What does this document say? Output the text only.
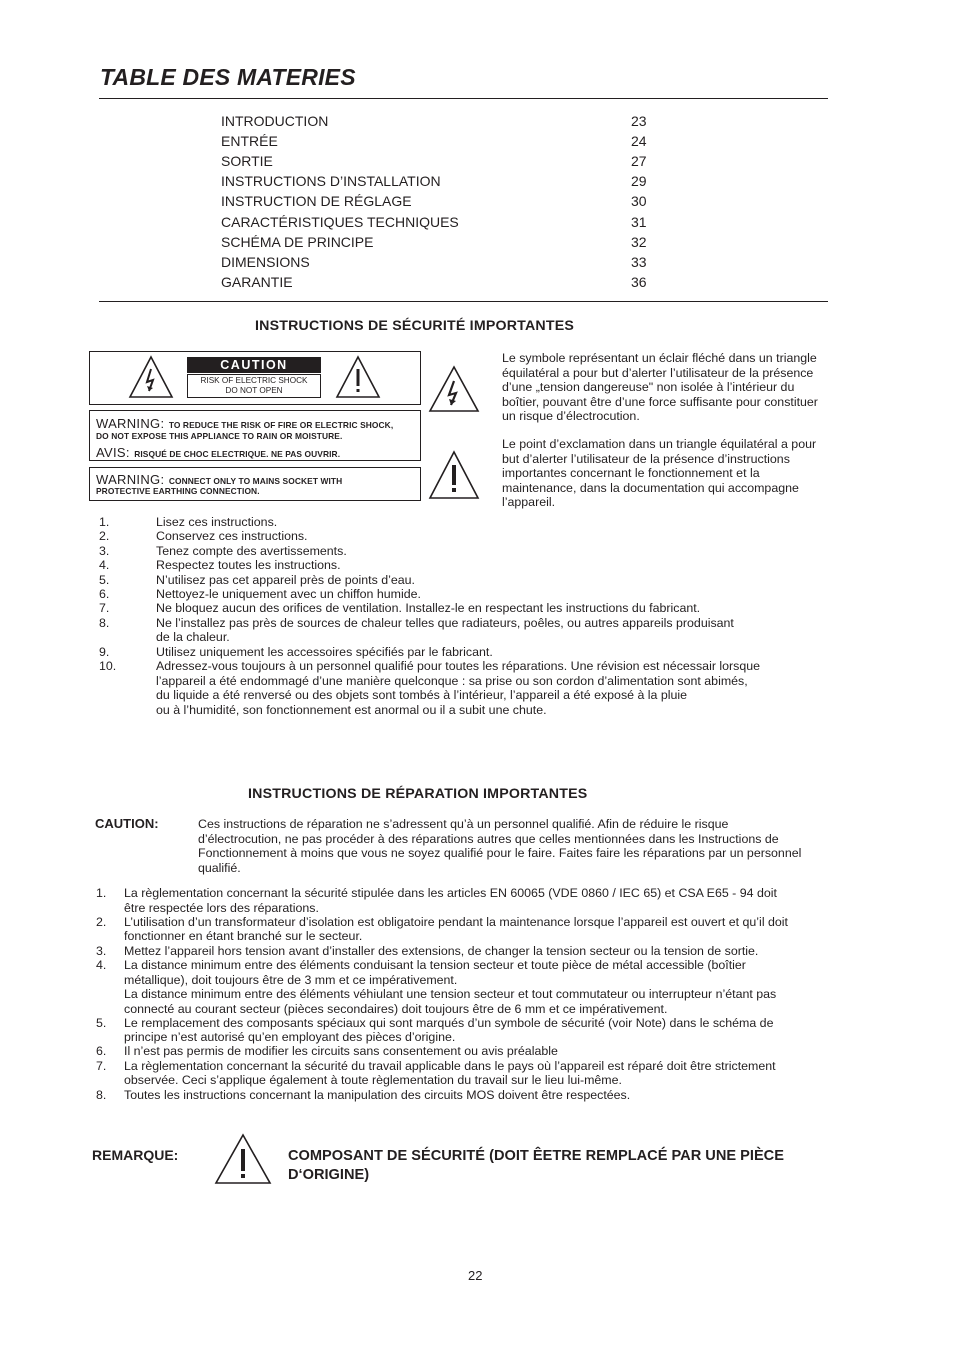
TABLE DES MATERIES
INTRODUCTION	23
ENTRÉE	24
SORTIE	27
INSTRUCTIONS D’INSTALLATION	29
INSTRUCTION DE RÉGLAGE	30
CARACTÉRISTIQUES TECHNIQUES	31
SCHÉMA DE PRINCIPE	32
DIMENSIONS	33
GARANTIE	36
INSTRUCTIONS DE SÉCURITÉ IMPORTANTES
CAUTION
RISK OF ELECTRIC SHOCK
DO NOT OPEN
WARNING: TO REDUCE THE RISK OF FIRE OR ELECTRIC SHOCK,
DO NOT EXPOSE THIS APPLIANCE TO RAIN OR MOISTURE.
AVIS: RISQUÉ DE CHOC ELECTRIQUE. NE PAS OUVRIR.
WARNING: CONNECT ONLY TO MAINS SOCKET WITH
PROTECTIVE EARTHING CONNECTION.
Le symbole représentant un éclair fléché dans un triangle
équilatéral a pour but d’alerter l’utilisateur de la présence
d’une „tension dangereuse" non isolée à l’intérieur du
boîtier, pouvant être d’une force suffisante pour constituer
un risque d’électrocution.
Le point d’exclamation dans un triangle équilatéral a pour
but d’alerter l’utilisateur de la présence d’instructions
importantes concernant le fonctionnement et la
maintenance, dans la documentation qui accompagne
l’appareil.
1.	Lisez ces instructions.
2.	Conservez ces instructions.
3.	Tenez compte des avertissements.
4.	Respectez toutes les instructions.
5.	N’utilisez pas cet appareil près de points d’eau.
6.	Nettoyez-le uniquement avec un chiffon humide.
7.	Ne bloquez aucun des orifices de ventilation. Installez-le en respectant les instructions du fabricant.
8.	Ne l’installez pas près de sources de chaleur telles que radiateurs, poêles, ou autres appareils produisant
de la chaleur.
9.	Utilisez uniquement les accessoires spécifiés par le fabricant.
10.	Adressez-vous toujours à un personnel qualifié pour toutes les réparations. Une révision est nécessair lorsque
l’appareil a été endommagé d’une manière quelconque : sa prise ou son cordon d’alimentation sont abimés,
du liquide a été renversé ou des objets sont tombés à l’intérieur, l’appareil a été exposé à la pluie
ou à l’humidité, son fonctionnement est anormal ou il a subit une chute.
INSTRUCTIONS DE RÉPARATION IMPORTANTES
CAUTION:	Ces instructions de réparation ne s’adressent qu’à un personnel qualifié. Afin de réduire le risque
d’électrocution, ne pas procéder à des réparations autres que celles mentionnées dans les Instructions de
Fonctionnement à moins que vous ne soyez qualifié pour le faire. Faites faire les réparations par un personnel
qualifié.
1. La règlementation concernant la sécurité stipulée dans les articles EN 60065 (VDE 0860 / IEC 65) et CSA E65 - 94 doit
être respectée lors des réparations.
2. L’utilisation d’un transformateur d’isolation est obligatoire pendant la maintenance lorsque l’appareil est ouvert et qu’il doit
fonctionner en étant branché sur le secteur.
3. Mettez l’appareil hors tension avant d’installer des extensions, de changer la tension secteur ou la tension de sortie.
4. La distance minimum entre des éléments conduisant la tension secteur et toute pièce de métal accessible (boîtier
métallique), doit toujours être de 3 mm et ce impérativement.
La distance minimum entre des éléments véhiulant une tension secteur et tout commutateur ou interrupteur n’étant pas
connecté au courant secteur (pièces secondaires) doit toujours être de 6 mm et ce impérativement.
5. Le remplacement des composants spéciaux qui sont marqués d’un symbole de sécurité (voir Note) dans le schéma de
principe n’est autorisé qu’en employant des pièces d’origine.
6. Il n’est pas permis de modifier les circuits sans consentement ou avis préalable
7. La règlementation concernant la sécurité du travail applicable dans le pays où l’appareil est réparé doit être strictement
observée. Ceci s’applique également à toute règlementation du travail sur le lieu lui-même.
8. Toutes les instructions concernant la manipulation des circuits MOS doivent être respectées.
REMARQUE:	COMPOSANT DE SÉCURITÉ (DOIT ÊETRE REMPLACÉ PAR UNE PIÈCE
D‘ORIGINE)
22
